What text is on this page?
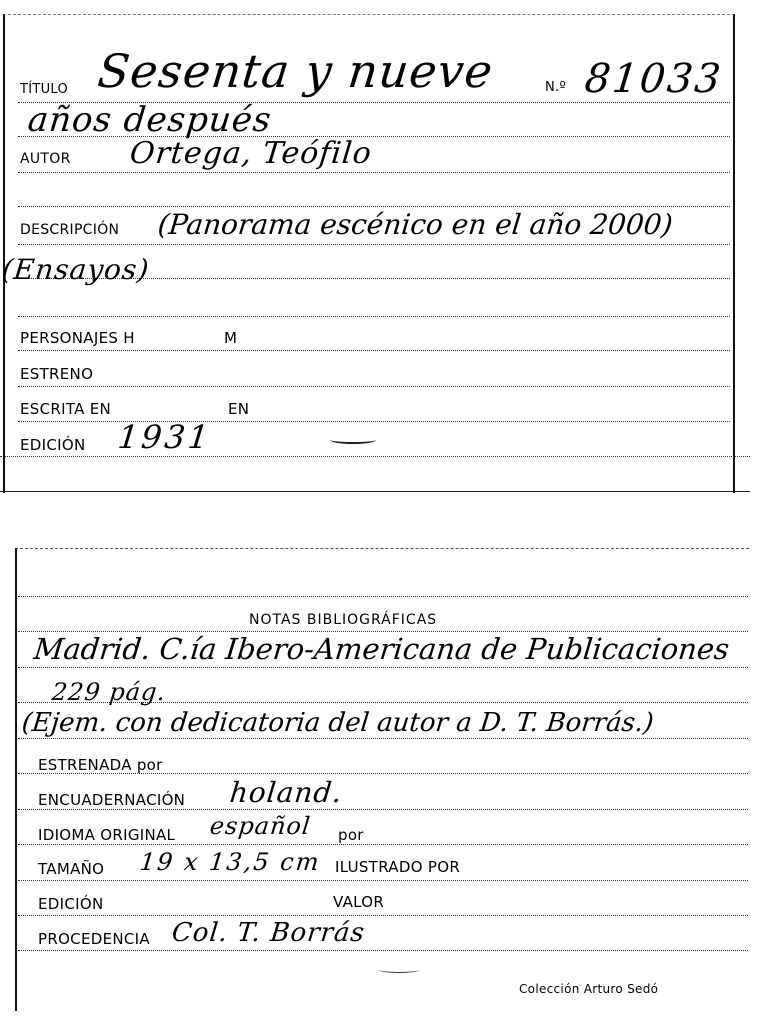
TÍTULO Sesenta y nueve	N.º 81033
años después
AUTOR Ortega, Teófilo
DESCRIPCIÓN (Panorama escénico en el año 2000)
(Ensayos)
PERSONAJES H	M
ESTRENO
ESCRITA EN	EN
EDICIÓN 1931
NOTAS BIBLIOGRÁFICAS
Madrid. C.ía Ibero-Americana de Publicaciones
229 pág.
(Ejem. con dedicatoria del autor a D. T. Borrás.)
ESTRENADA por
ENCUADERNACIÓN holand.
IDIOMA ORIGINAL español por
TAMAÑO 19 x 13,5 cm ILUSTRADO POR
EDICIÓN	VALOR
PROCEDENCIA Col. T. Borrás
Colección Arturo Sedó
